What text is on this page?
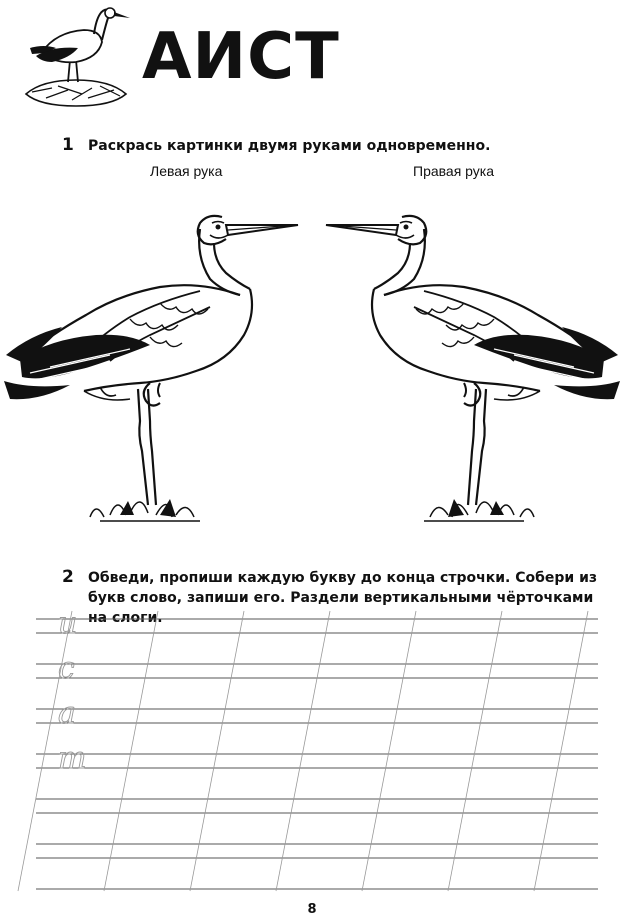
АИСТ
1 Раскрась картинки двумя руками одновременно.
Левая рука	Правая рука
2 Обведи, пропиши каждую букву до конца строчки. Собери из букв слово, запиши его. Раздели вертикальными чёрточками на слоги.
и
с
а
т
8
